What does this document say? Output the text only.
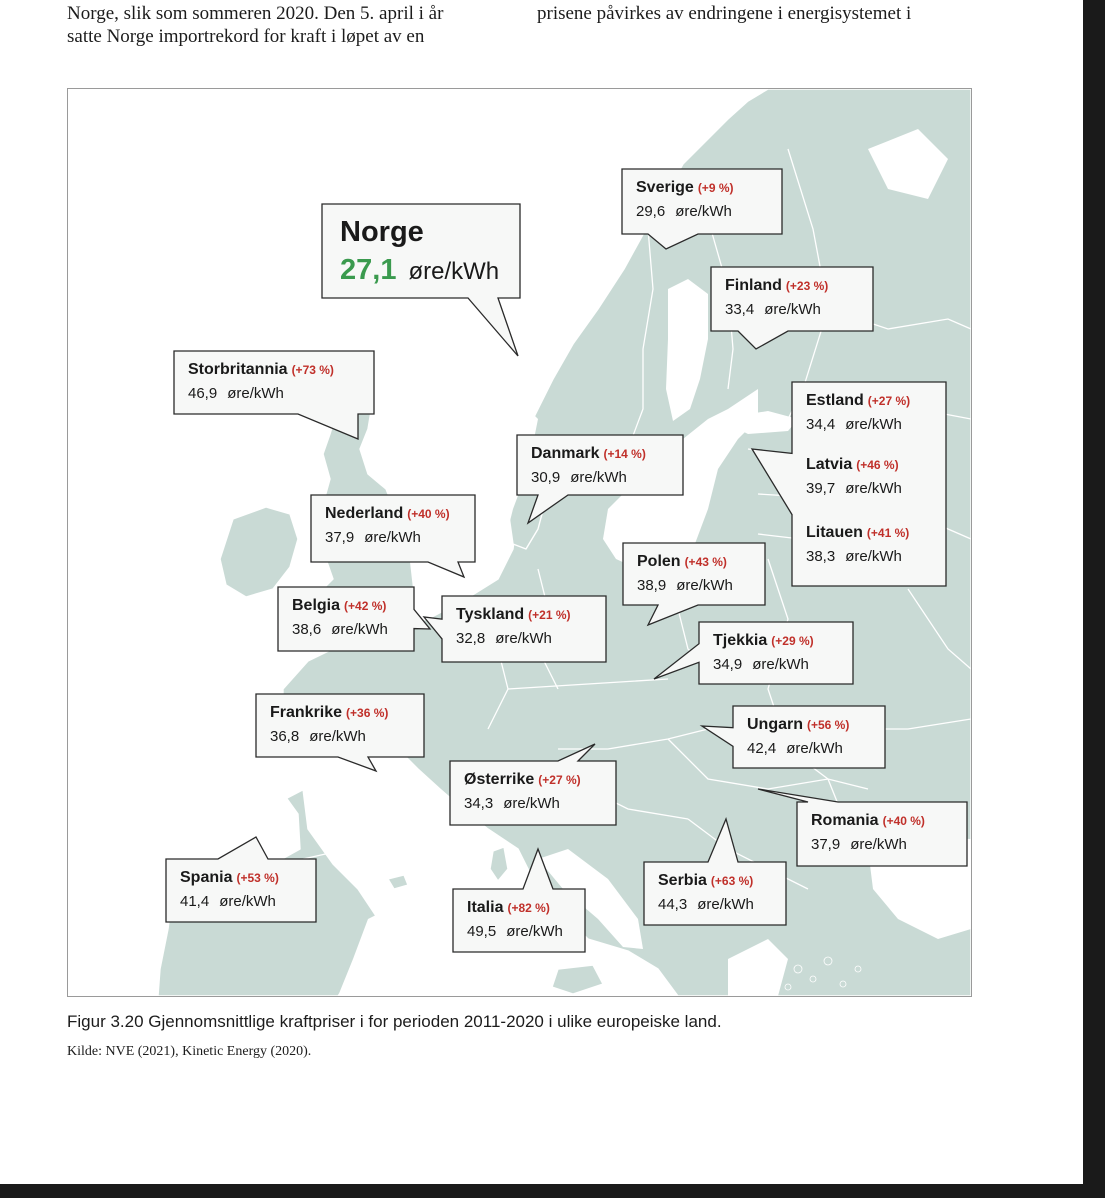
Norge, slik som sommeren 2020. Den 5. april i år
satte Norge importrekord for kraft i løpet av en
prisene påvirkes av endringene i energisystemet i
Norge
27,1 øre/kWh
Sverige (+9 %)
29,6 øre/kWh
Finland (+23 %)
33,4 øre/kWh
Storbritannia (+73 %)
46,9 øre/kWh	Estland (+27 %)
34,4 øre/kWh
Latvia (+46 %)
39,7 øre/kWh
Litauen (+41 %)
38,3 øre/kWh
Danmark (+14 %)
30,9 øre/kWh
Nederland (+40 %)
37,9 øre/kWh
Polen (+43 %)
38,9 øre/kWh
Belgia (+42 %)
38,6 øre/kWh
Tyskland (+21 %)
32,8 øre/kWh	Tjekkia (+29 %)
34,9 øre/kWh
Frankrike (+36 %)
36,8 øre/kWh
Ungarn (+56 %)
42,4 øre/kWh
Østerrike (+27 %)
34,3 øre/kWh
Romania (+40 %)
37,9 øre/kWh
Spania (+53 %)
41,4 øre/kWh
Serbia (+63 %)
44,3 øre/kWh
Italia (+82 %)
49,5 øre/kWh
Figur 3.20 Gjennomsnittlige kraftpriser i for perioden 2011-2020 i ulike europeiske land.
Kilde: NVE (2021), Kinetic Energy (2020).
